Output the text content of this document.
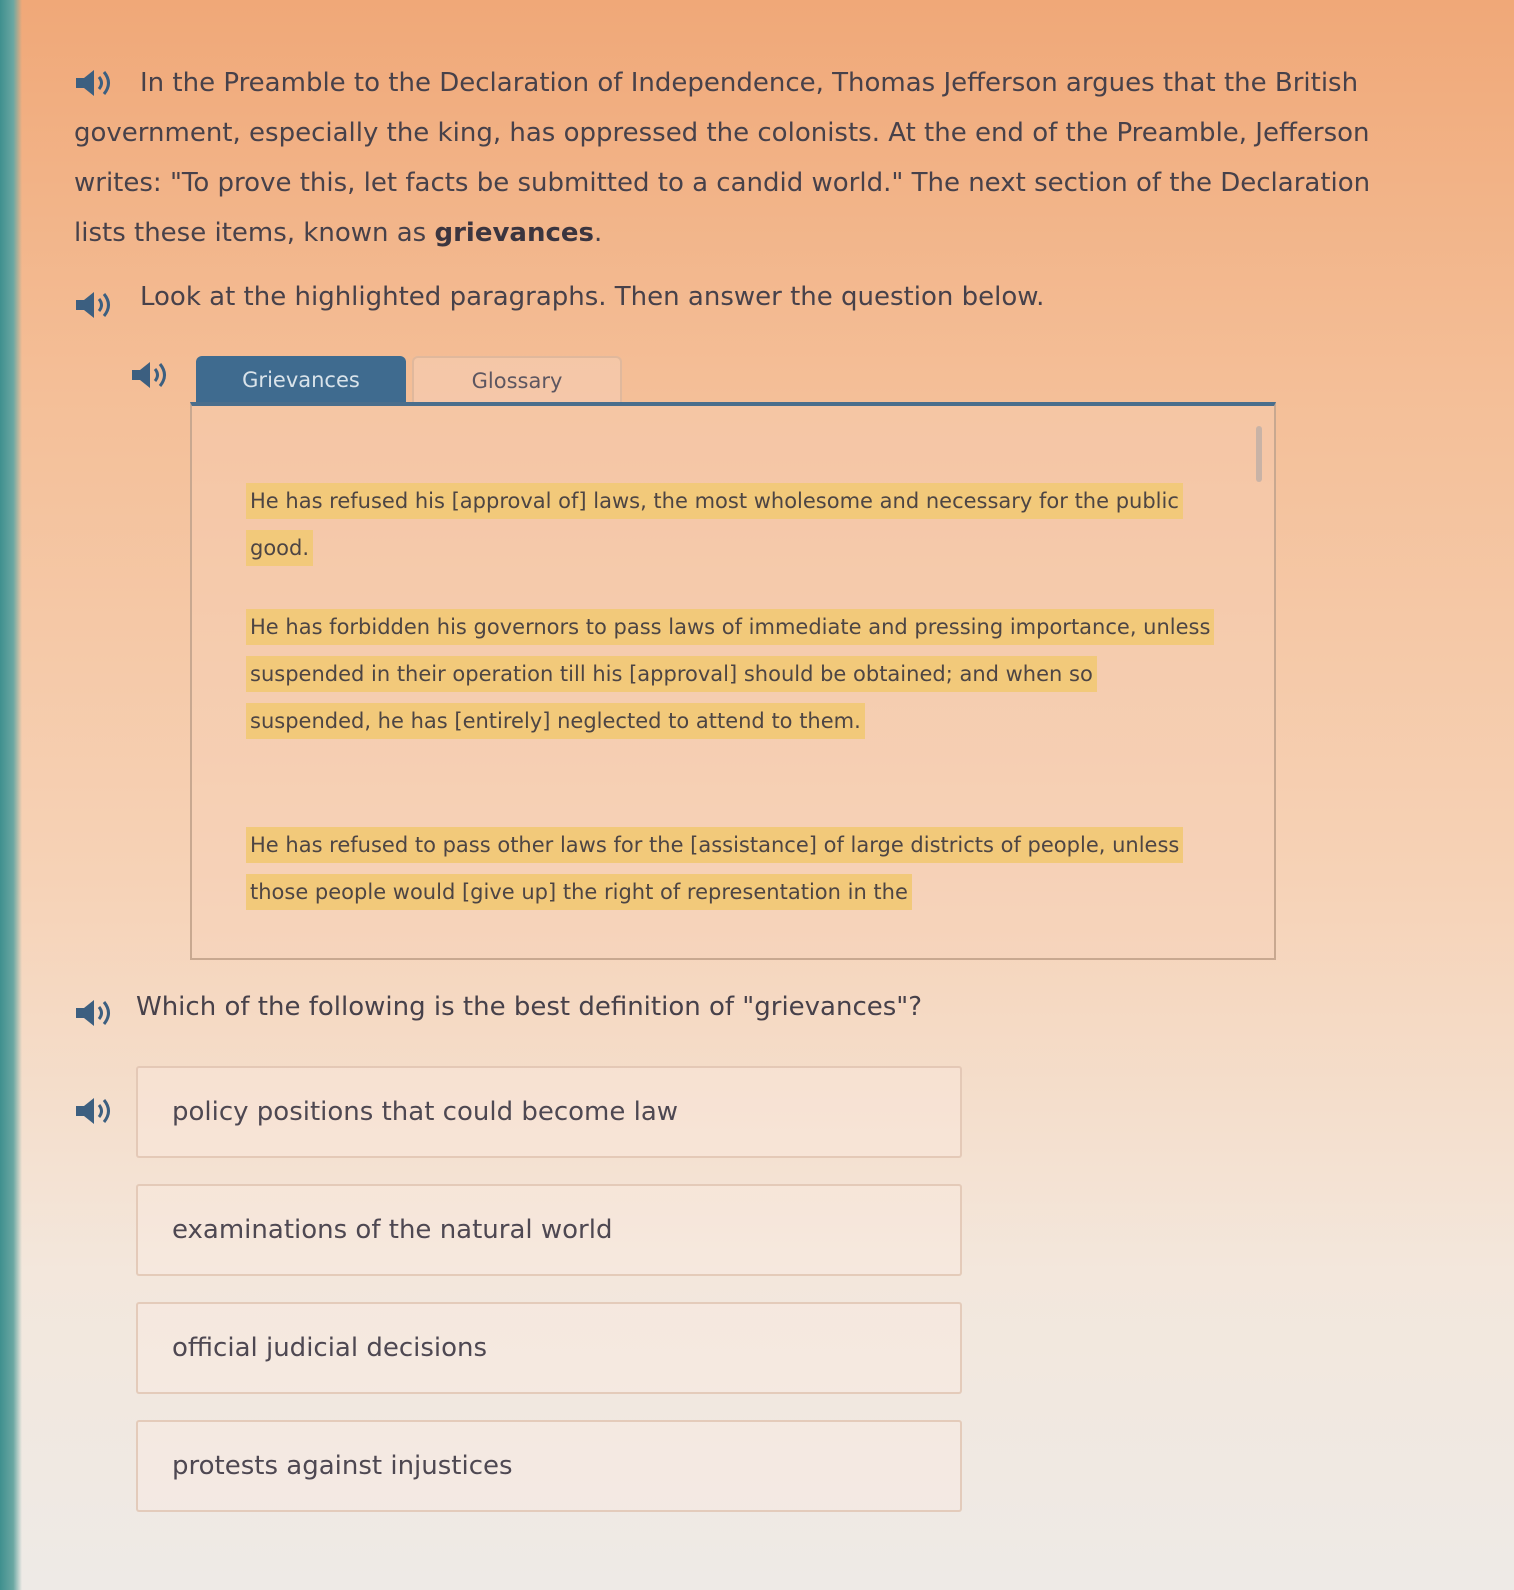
In the Preamble to the Declaration of Independence, Thomas Jefferson argues that the British government, especially the king, has oppressed the colonists. At the end of the Preamble, Jefferson writes: "To prove this, let facts be submitted to a candid world." The next section of the Declaration lists these items, known as grievances.
Look at the highlighted paragraphs. Then answer the question below.
Grievances	Glossary
He has refused his [approval of] laws, the most wholesome and necessary for the public good.
He has forbidden his governors to pass laws of immediate and pressing importance, unless suspended in their operation till his [approval] should be obtained; and when so suspended, he has [entirely] neglected to attend to them.
He has refused to pass other laws for the [assistance] of large districts of people, unless those people would [give up] the right of representation in the
Which of the following is the best definition of "grievances"?
policy positions that could become law
examinations of the natural world
official judicial decisions
protests against injustices
